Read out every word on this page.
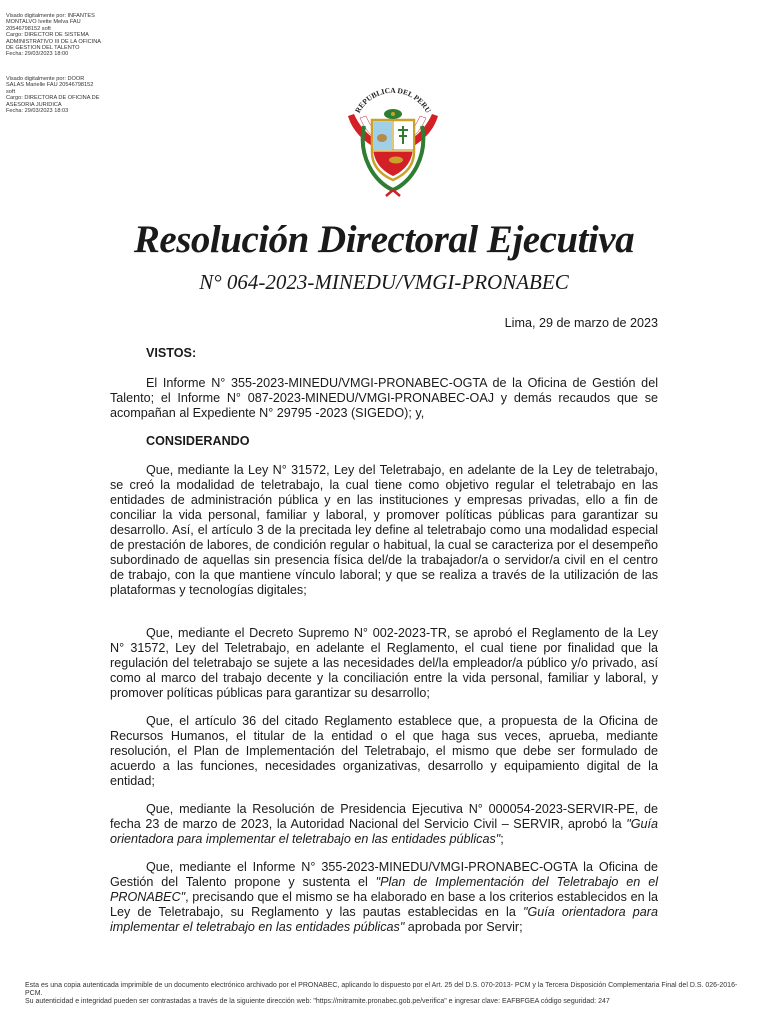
Visado digitalmente por: INFANTES
MONTALVO Ivette Melva FAU
20546798152 soft
Cargo: DIRECTOR DE SISTEMA
ADMINISTRATIVO III DE LA OFICINA
DE GESTION DEL TALENTO
Fecha: 29/03/2023 18:00
Visado digitalmente por: DOOR
SALAS Marielle FAU 20546798152
soft
Cargo: DIRECTORA DE OFICINA DE
ASESORIA JURIDICA
Fecha: 29/03/2023 18:03	REPUBLICA DEL PERU
Resolución Directoral Ejecutiva
N° 064-2023-MINEDU/VMGI-PRONABEC
Lima, 29 de marzo de 2023
VISTOS:

El Informe N° 355-2023-MINEDU/VMGI-PRONABEC-OGTA de la Oficina de Gestión del Talento; el Informe N° 087-2023-MINEDU/VMGI-PRONABEC-OAJ y demás recaudos que se acompañan al Expediente N° 29795 -2023 (SIGEDO); y,

CONSIDERANDO

Que, mediante la Ley N° 31572, Ley del Teletrabajo, en adelante de la Ley de teletrabajo, se creó la modalidad de teletrabajo, la cual tiene como objetivo regular el teletrabajo en las entidades de administración pública y en las instituciones y empresas privadas, ello a fin de conciliar la vida personal, familiar y laboral, y promover políticas públicas para garantizar su desarrollo. Así, el artículo 3 de la precitada ley define al teletrabajo como una modalidad especial de prestación de labores, de condición regular o habitual, la cual se caracteriza por el desempeño subordinado de aquellas sin presencia física del/de la trabajador/a o servidor/a civil en el centro de trabajo, con la que mantiene vínculo laboral; y que se realiza a través de la utilización de las plataformas y tecnologías digitales;

Que, mediante el Decreto Supremo N° 002-2023-TR, se aprobó el Reglamento de la Ley N° 31572, Ley del Teletrabajo, en adelante el Reglamento, el cual tiene por finalidad que la regulación del teletrabajo se sujete a las necesidades del/la empleador/a público y/o privado, así como al marco del trabajo decente y la conciliación entre la vida personal, familiar y laboral, y promover políticas públicas para garantizar su desarrollo;

Que, el artículo 36 del citado Reglamento establece que, a propuesta de la Oficina de Recursos Humanos, el titular de la entidad o el que haga sus veces, aprueba, mediante resolución, el Plan de Implementación del Teletrabajo, el mismo que debe ser formulado de acuerdo a las funciones, necesidades organizativas, desarrollo y equipamiento digital de la entidad;

Que, mediante la Resolución de Presidencia Ejecutiva N° 000054-2023-SERVIR-PE, de fecha 23 de marzo de 2023, la Autoridad Nacional del Servicio Civil – SERVIR, aprobó la "Guía orientadora para implementar el teletrabajo en las entidades públicas";

Que, mediante el Informe N° 355-2023-MINEDU/VMGI-PRONABEC-OGTA la Oficina de Gestión del Talento propone y sustenta el "Plan de Implementación del Teletrabajo en el PRONABEC", precisando que el mismo se ha elaborado en base a los criterios establecidos en la Ley de Teletrabajo, su Reglamento y las pautas establecidas en la "Guía orientadora para implementar el teletrabajo en las entidades públicas" aprobada por Servir;

Esta es una copia autenticada imprimible de un documento electrónico archivado por el PRONABEC, aplicando lo dispuesto por el Art. 25 del D.S. 070-2013- PCM y la Tercera Disposición Complementaria Final del D.S. 026-2016-PCM.
Su autenticidad e integridad pueden ser contrastadas a través de la siguiente dirección web: "https://mitramite.pronabec.gob.pe/verifica" e ingresar clave: EAFBFGEA código seguridad: 247
